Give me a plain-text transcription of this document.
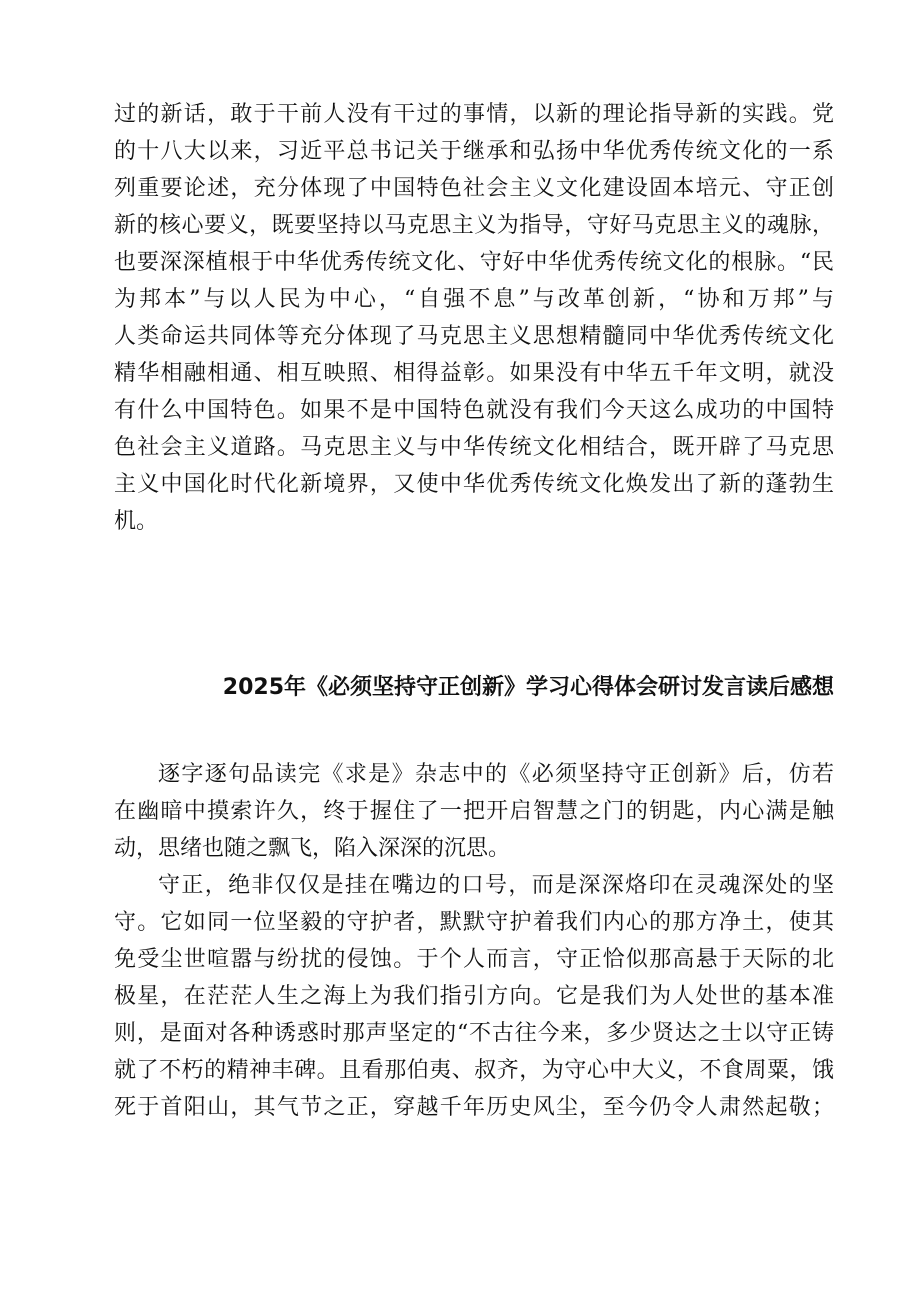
过的新话，敢于干前人没有干过的事情，以新的理论指导新的实践。党
的十八大以来，习近平总书记关于继承和弘扬中华优秀传统文化的一系
列重要论述，充分体现了中国特色社会主义文化建设固本培元、守正创
新的核心要义，既要坚持以马克思主义为指导，守好马克思主义的魂脉，
也要深深植根于中华优秀传统文化、守好中华优秀传统文化的根脉。“民
为邦本”与以人民为中心，“自强不息”与改革创新，“协和万邦”与
人类命运共同体等充分体现了马克思主义思想精髓同中华优秀传统文化
精华相融相通、相互映照、相得益彰。如果没有中华五千年文明，就没
有什么中国特色。如果不是中国特色就没有我们今天这么成功的中国特
色社会主义道路。马克思主义与中华传统文化相结合，既开辟了马克思
主义中国化时代化新境界，又使中华优秀传统文化焕发出了新的蓬勃生
机。
2025年《必须坚持守正创新》学习心得体会研讨发言读后感想
逐字逐句品读完《求是》杂志中的《必须坚持守正创新》后，仿若
在幽暗中摸索许久，终于握住了一把开启智慧之门的钥匙，内心满是触
动，思绪也随之飘飞，陷入深深的沉思。
守正，绝非仅仅是挂在嘴边的口号，而是深深烙印在灵魂深处的坚
守。它如同一位坚毅的守护者，默默守护着我们内心的那方净土，使其
免受尘世喧嚣与纷扰的侵蚀。于个人而言，守正恰似那高悬于天际的北
极星，在茫茫人生之海上为我们指引方向。它是我们为人处世的基本准
则，是面对各种诱惑时那声坚定的“不古往今来，多少贤达之士以守正铸
就了不朽的精神丰碑。且看那伯夷、叔齐，为守心中大义，不食周粟，饿
死于首阳山，其气节之正，穿越千年历史风尘，至今仍令人肃然起敬；
